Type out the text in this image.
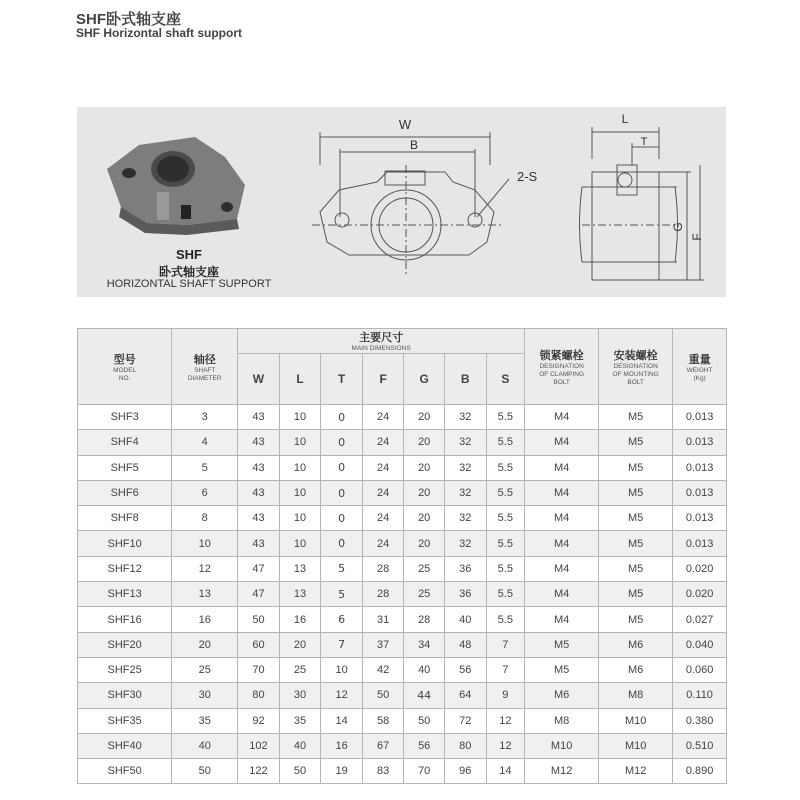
SHF卧式轴支座
SHF Horizontal shaft support
W
B
2-S
L
T
G
F
SHF
卧式轴支座
HORIZONTAL SHAFT SUPPORT
型号
MODEL
NO.	轴径
SHAFT
DIAMETER	主要尺寸
MAIN DIMENSIONS							锁紧螺栓
DESIGNATION
OF CLAMPING
BOLT	安装螺栓
DESIGNATION
OF MOUNTING
BOLT	重量
WEIGHT
(Kg)

		W	L	T	F	G	B	S			
SHF3	3	43	10	0	24	20	32	5.5	M4	M5	0.013
SHF4	4	43	10	0	24	20	32	5.5	M4	M5	0.013
SHF5	5	43	10	0	24	20	32	5.5	M4	M5	0.013
SHF6	6	43	10	0	24	20	32	5.5	M4	M5	0.013
SHF8	8	43	10	0	24	20	32	5.5	M4	M5	0.013
SHF10	10	43	10	0	24	20	32	5.5	M4	M5	0.013
SHF12	12	47	13	5	28	25	36	5.5	M4	M5	0.020
SHF13	13	47	13	5	28	25	36	5.5	M4	M5	0.020
SHF16	16	50	16	6	31	28	40	5.5	M4	M5	0.027
SHF20	20	60	20	7	37	34	48	7	M5	M6	0.040
SHF25	25	70	25	10	42	40	56	7	M5	M6	0.060
SHF30	30	80	30	12	50	44	64	9	M6	M8	0.110
SHF35	35	92	35	14	58	50	72	12	M8	M10	0.380
SHF40	40	102	40	16	67	56	80	12	M10	M10	0.510
SHF50	50	122	50	19	83	70	96	14	M12	M12	0.890
